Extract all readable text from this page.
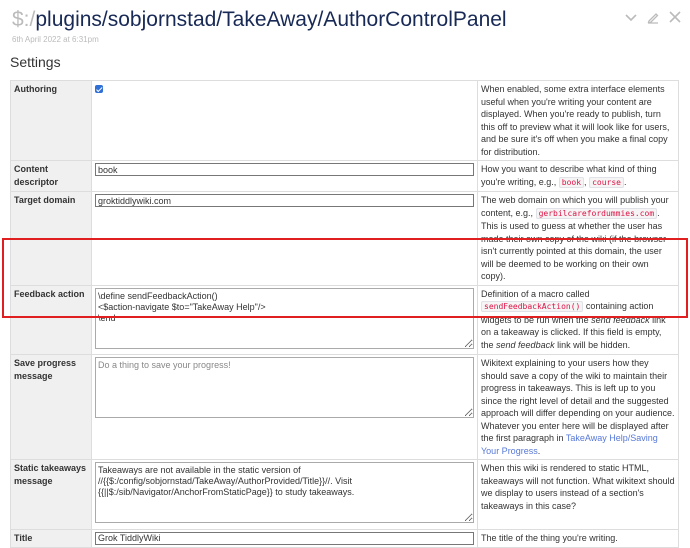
$:/plugins/sobjornstad/TakeAway/AuthorControlPanel
6th April 2022 at 6:31pm
Settings
Authoring		When enabled, some extra interface elements useful when you're writing your content are displayed. When you're ready to publish, turn this off to preview what it will look like for users, and be sure it's off when you make a final copy for distribution.
Content descriptor	book	How you want to describe what kind of thing you're writing, e.g., book , course .
Target domain	groktiddlywiki.com	The web domain on which you will publish your content, e.g., gerbilcarefordummies.com . This is used to guess at whether the user has made their own copy of the wiki (if the browser isn't currently pointed at this domain, the user will be deemed to be working on their own copy).
Feedback action	\define sendFeedbackAction() <$action-navigate $to="TakeAway Help"/> \end	Definition of a macro called sendFeedbackAction() containing action widgets to be run when the send feedback link on a takeaway is clicked. If this field is empty, the send feedback link will be hidden.
Save progress message	Do a thing to save your progress!	Wikitext explaining to your users how they should save a copy of the wiki to maintain their progress in takeaways. This is left up to you since the right level of detail and the suggested approach will differ depending on your audience. Whatever you enter here will be displayed after the first paragraph in TakeAway Help/Saving Your Progress.
Static takeaways message	Takeaways are not available in the static version of //{{$:/config/sobjornstad/TakeAway/AuthorProvided/Title}}//. Visit {{||$:/sib/Navigator/AnchorFromStaticPage}} to study takeaways.	When this wiki is rendered to static HTML, takeaways will not function. What wikitext should we display to users instead of a section's takeaways in this case?
Title	Grok TiddlyWiki	The title of the thing you're writing.
